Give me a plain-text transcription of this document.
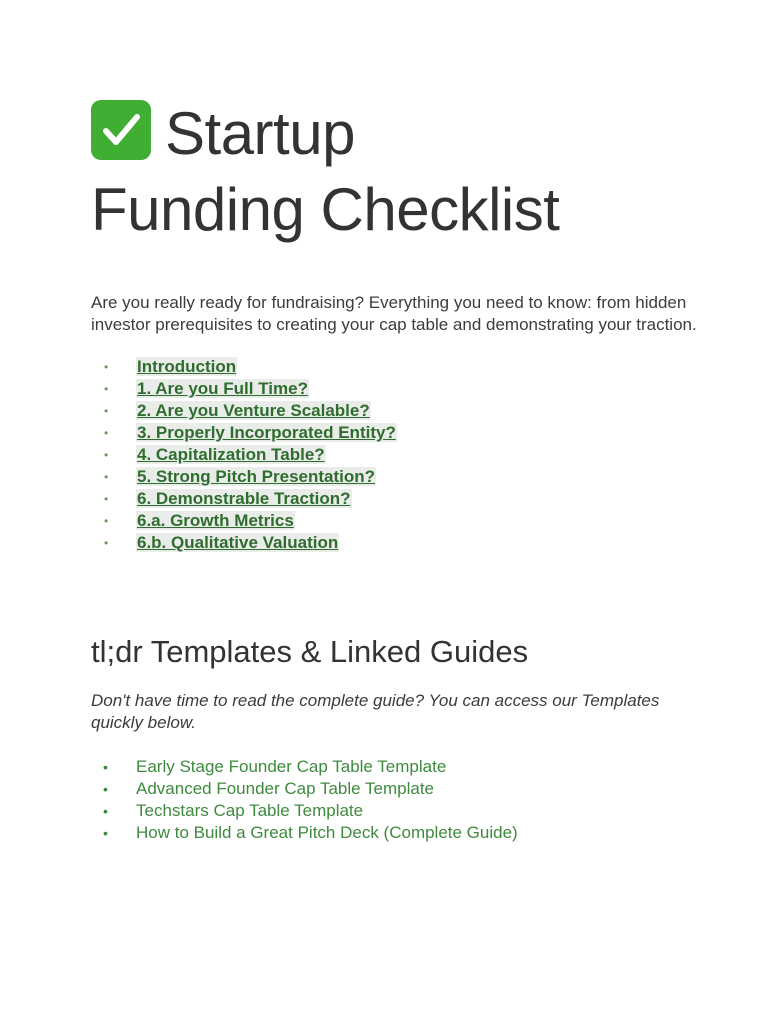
Startup
Funding Checklist

Are you really ready for fundraising? Everything you need to know: from hidden investor prerequisites to creating your cap table and demonstrating your traction.

• Introduction
• 1. Are you Full Time?
• 2. Are you Venture Scalable?
• 3. Properly Incorporated Entity?
• 4. Capitalization Table?
• 5. Strong Pitch Presentation?
• 6. Demonstrable Traction?
• 6.a. Growth Metrics
• 6.b. Qualitative Valuation
tl;dr Templates & Linked Guides

Don't have time to read the complete guide? You can access our Templates quickly below.

• Early Stage Founder Cap Table Template
• Advanced Founder Cap Table Template
• Techstars Cap Table Template
• How to Build a Great Pitch Deck (Complete Guide)
